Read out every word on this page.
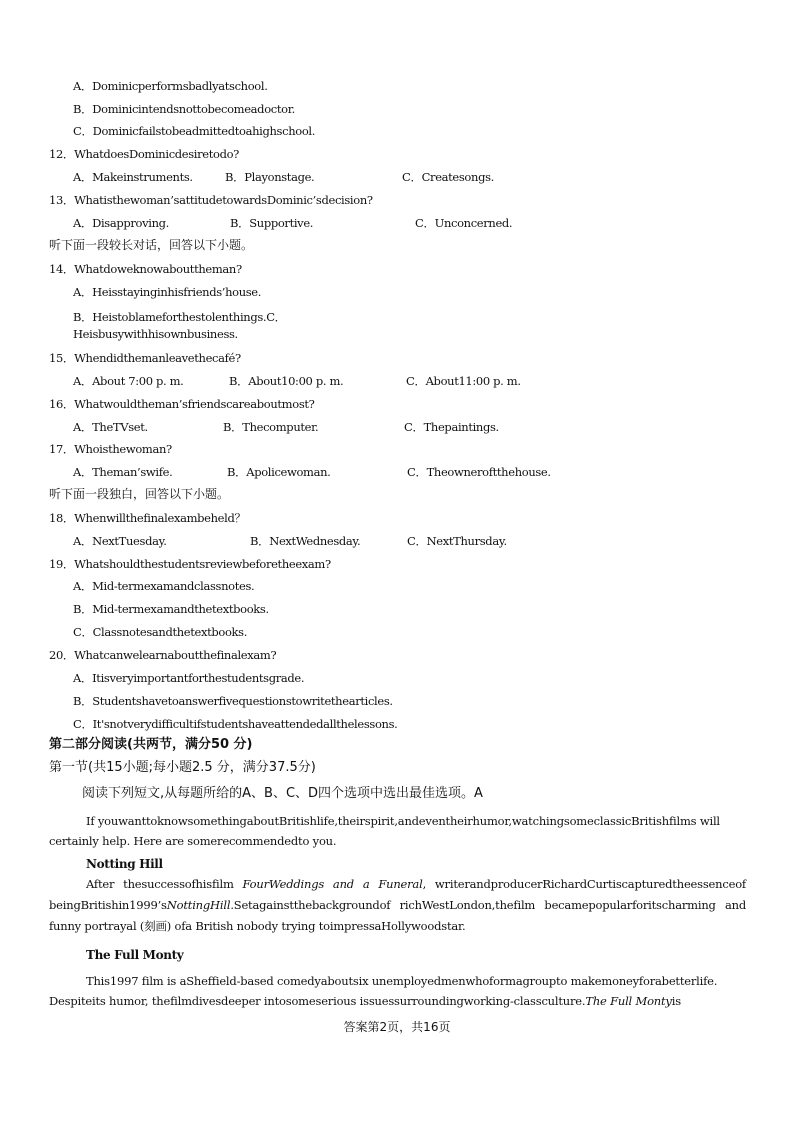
A．Dominicperformsbadlyatschool.
B．Dominicintendsnottobecomeadoctor.
C．Dominicfailstobeadmittedtoahighschool.
12．WhatdoesDominicdesiretodo?
A．Makeinstruments.	B．Playonstage.	C．Createsongs.
13．Whatisthewoman’sattitudetowardsDominic’sdecision?
A．Disapproving.	B．Supportive.	C．Unconcerned.
听下面一段较长对话，回答以下小题。
14．Whatdoweknowabouttheman?
A．Heisstayinginhisfriends’house.
B．Heistoblameforthestolenthings.C．
Heisbusywithhisownbusiness.
15．Whendidthemanleavethecafé?
A．About 7:00 p. m.	B．About10:00 p. m.	C．About11:00 p. m.
16．Whatwouldtheman’sfriendscareaboutmost?
A．TheTVset.	B．Thecomputer.	C．Thepaintings.
17．Whoisthewoman?
A．Theman’swife.	B．Apolicewoman.	C．Theowneroftthehouse.
听下面一段独白，回答以下小题。
18．Whenwillthefinalexambeheld？
A．NextTuesday.	B．NextWednesday.	C．NextThursday.
19．Whatshouldthestudentsreviewbeforetheexam?
A．Mid-termexamandclassnotes.
B．Mid-termexamandthetextbooks.
C．Classnotesandthetextbooks.
20．Whatcanwelearnaboutthefinalexam?
A．Itisveryimportantforthestudentsgrade.
B．Studentshavetoanswerfivequestionstowritethearticles.
C．It'snotverydifficultifstudentshaveattendedallthelessons.
第二部分阅读(共两节，满分50 分)
第一节(共15小题;每小题2.5 分，满分37.5分)
阅读下列短文,从每题所给的A、B、C、D四个选项中选出最佳选项。A
If youwanttoknowsomethingaboutBritishlife,theirspirit,andeventheirhumor,watchingsomeclassicBritishfilms will
certainly help. Here are somerecommendedto you.
Notting Hill
After thesuccessofhisfilm FourWeddings and a Funeral, writerandproducerRichardCurtiscapturedtheessenceof
beingBritishin1999’sNottingHill.Setagainstthebackgroundof richWestLondon,thefilm becamepopularforitscharming and
funny portrayal (刻画) ofa British nobody trying toimpressaHollywoodstar.
The Full Monty
This1997 film is aSheffield-based comedyaboutsix unemployedmenwhoformagroupto makemoneyforabetterlife.
Despiteits humor, thefilmdivesdeeper intosomeserious issuessurroundingworking-classculture.The Full Montyis
答案第2页，共16页
